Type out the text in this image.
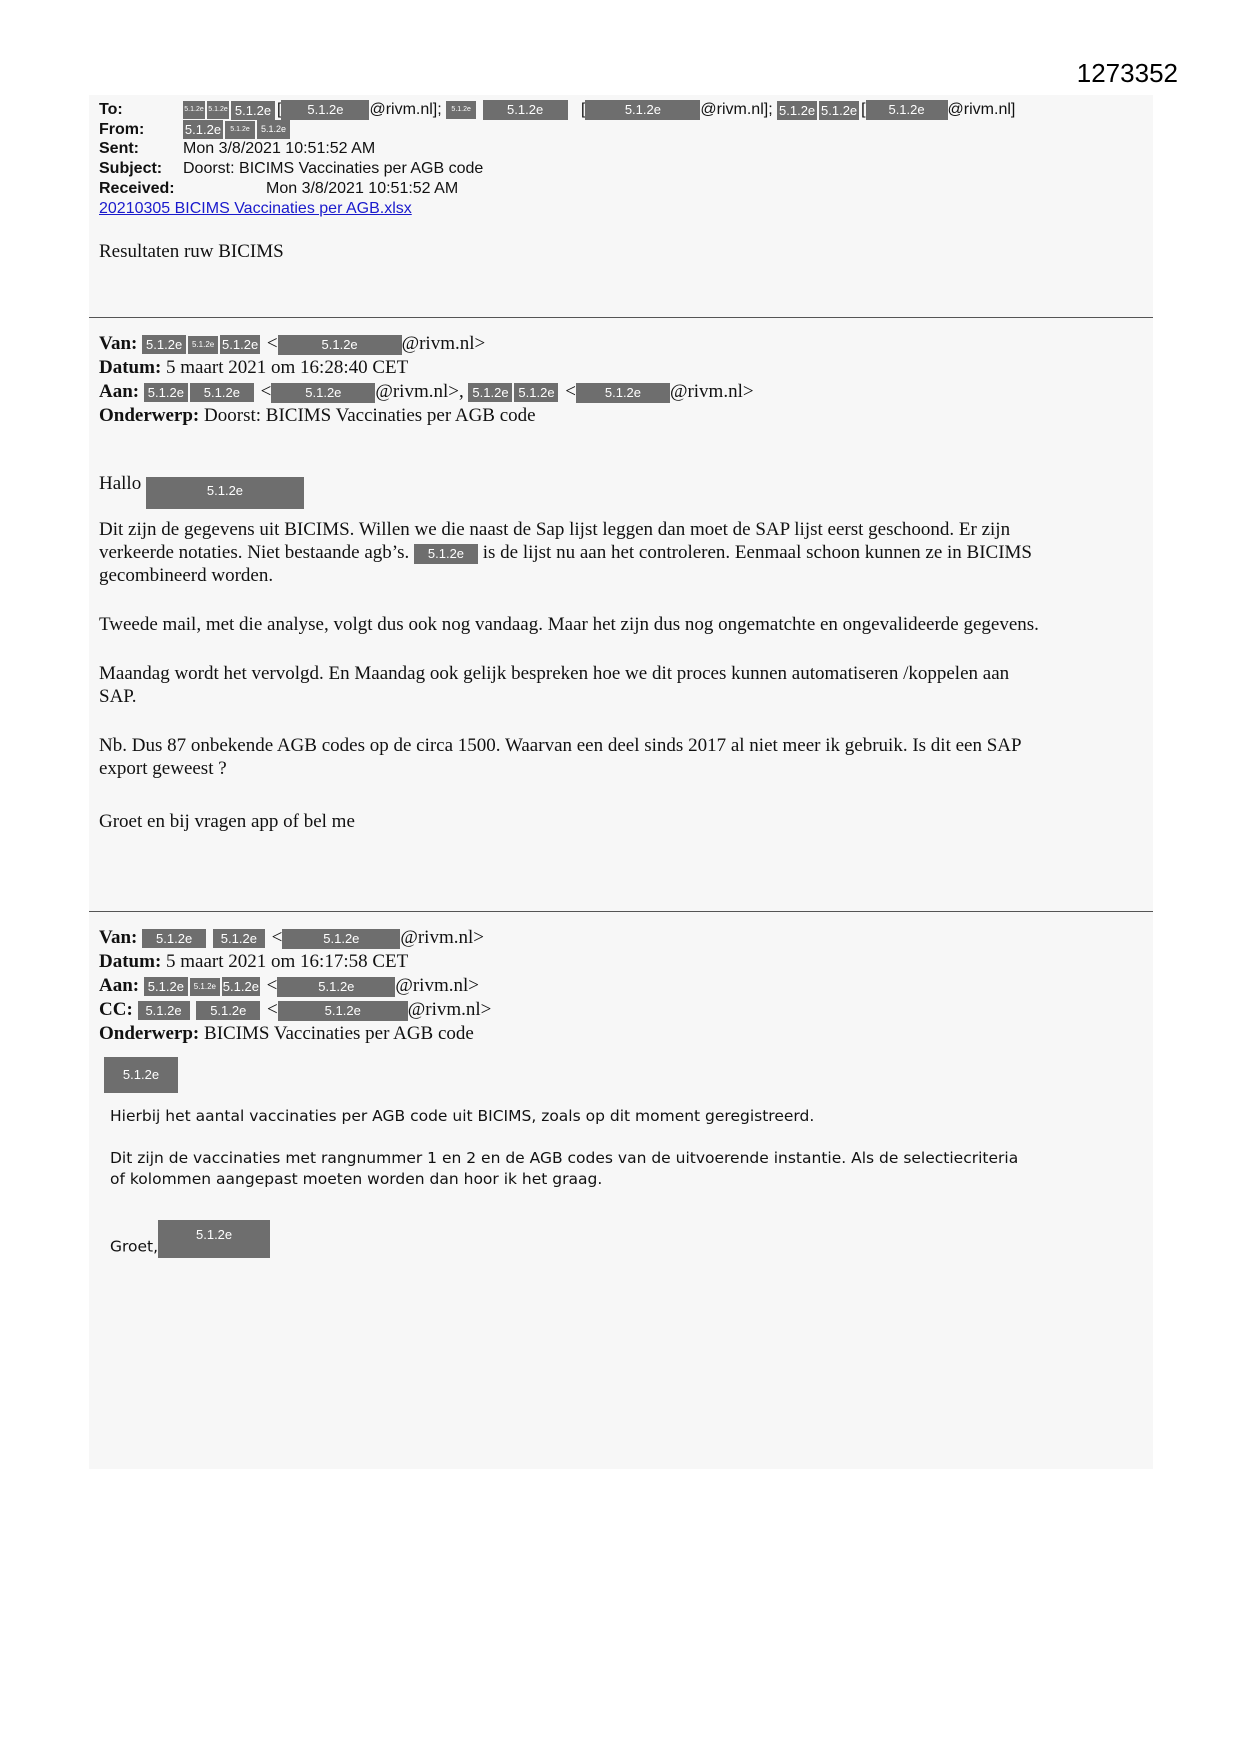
1273352
To:	5.1.2e 5.1.2e 5.1.2e [ 5.1.2e @rivm.nl]; 5.1.2e	5.1.2e   [	5.1.2e @rivm.nl]; 5.1.2e 5.1.2e [ 5.1.2e @rivm.nl]
From:	5.1.2e 5.1.2e 5.1.2e
Sent:	Mon 3/8/2021 10:51:52 AM
Subject: Doorst: BICIMS Vaccinaties per AGB code
Received:	Mon 3/8/2021 10:51:52 AM
20210305 BICIMS Vaccinaties per AGB.xlsx
Resultaten ruw BICIMS
Van: 5.1.2e 5.1.2e 5.1.2e <	5.1.2e @rivm.nl>
Datum: 5 maart 2021 om 16:28:40 CET
Aan: 5.1.2e 5.1.2e <	5.1.2e @rivm.nl>, 5.1.2e 5.1.2e < 5.1.2e @rivm.nl>
Onderwerp: Doorst: BICIMS Vaccinaties per AGB code
Hallo	5.1.2e
Dit zijn de gegevens uit BICIMS. Willen we die naast de Sap lijst leggen dan moet de SAP lijst eerst geschoond. Er zijn
verkeerde notaties. Niet bestaande agb’s. 5.1.2e is de lijst nu aan het controleren. Eenmaal schoon kunnen ze in BICIMS
gecombineerd worden.
Tweede mail, met die analyse, volgt dus ook nog vandaag. Maar het zijn dus nog ongematchte en ongevalideerde gegevens.
Maandag wordt het vervolgd. En Maandag ook gelijk bespreken hoe we dit proces kunnen automatiseren /koppelen aan
SAP.
Nb. Dus 87 onbekende AGB codes op de circa 1500. Waarvan een deel sinds 2017 al niet meer ik gebruik. Is dit een SAP
export geweest ?
Groet en bij vragen app of bel me
Van: 5.1.2e 5.1.2e <	5.1.2e @rivm.nl>
Datum: 5 maart 2021 om 16:17:58 CET
Aan: 5.1.2e 5.1.2e 5.1.2e <	5.1.2e @rivm.nl>
CC: 5.1.2e 5.1.2e <	5.1.2e @rivm.nl>
Onderwerp: BICIMS Vaccinaties per AGB code
5.1.2e
Hierbij het aantal vaccinaties per AGB code uit BICIMS, zoals op dit moment geregistreerd.
Dit zijn de vaccinaties met rangnummer 1 en 2 en de AGB codes van de uitvoerende instantie. Als de selectiecriteria
of kolommen aangepast moeten worden dan hoor ik het graag.
Groet,5.1.2e
